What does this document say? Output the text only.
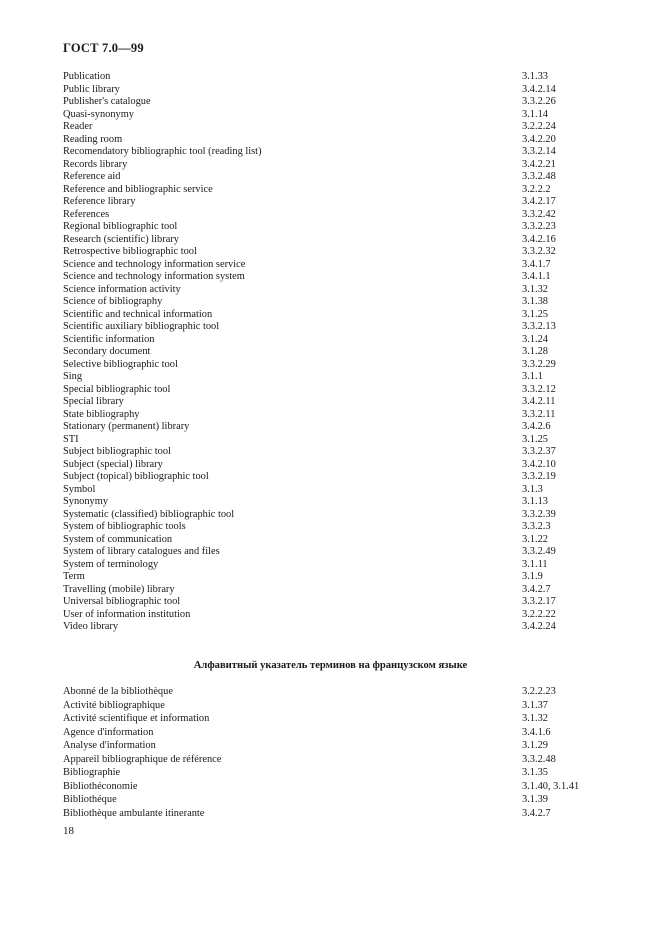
ГОСТ 7.0—99
Publication	3.1.33
Public library	3.4.2.14
Publisher's catalogue	3.3.2.26
Quasi-synonymy	3.1.14
Reader	3.2.2.24
Reading room	3.4.2.20
Recomendatory bibliographic tool (reading list)	3.3.2.14
Records library	3.4.2.21
Reference aid	3.3.2.48
Reference and bibliographic service	3.2.2.2
Reference library	3.4.2.17
References	3.3.2.42
Regional bibliographic tool	3.3.2.23
Research (scientific) library	3.4.2.16
Retrospective bibliographic tool	3.3.2.32
Science and technology information service	3.4.1.7
Science and technology information system	3.4.1.1
Science information activity	3.1.32
Science of bibliography	3.1.38
Scientific and technical information	3.1.25
Scientific auxiliary bibliographic tool	3.3.2.13
Scientific information	3.1.24
Secondary document	3.1.28
Selective bibliographic tool	3.3.2.29
Sing	3.1.1
Special bibliographic tool	3.3.2.12
Special library	3.4.2.11
State bibliography	3.3.2.11
Stationary (permanent) library	3.4.2.6
STI	3.1.25
Subject bibliographic tool	3.3.2.37
Subject (special) library	3.4.2.10
Subject (topical) bibliographic tool	3.3.2.19
Symbol	3.1.3
Synonymy	3.1.13
Systematic (classified) bibliographic tool	3.3.2.39
System of bibliographic tools	3.3.2.3
System of communication	3.1.22
System of library catalogues and files	3.3.2.49
System of terminology	3.1.11
Term	3.1.9
Travelling (mobile) library	3.4.2.7
Universal bibliographic tool	3.3.2.17
User of information institution	3.2.2.22
Video library	3.4.2.24
Алфавитный указатель терминов на французском языке
Abonné de la bibliothèque	3.2.2.23
Activité bibliographique	3.1.37
Activité scientifique et information	3.1.32
Agence d'information	3.4.1.6
Analyse d'information	3.1.29
Appareil bibliographique de référence	3.3.2.48
Bibliographie	3.1.35
Bibliothéconomie	3.1.40, 3.1.41
Bibliothéque	3.1.39
Bibliothèque ambulante itinerante	3.4.2.7
18
